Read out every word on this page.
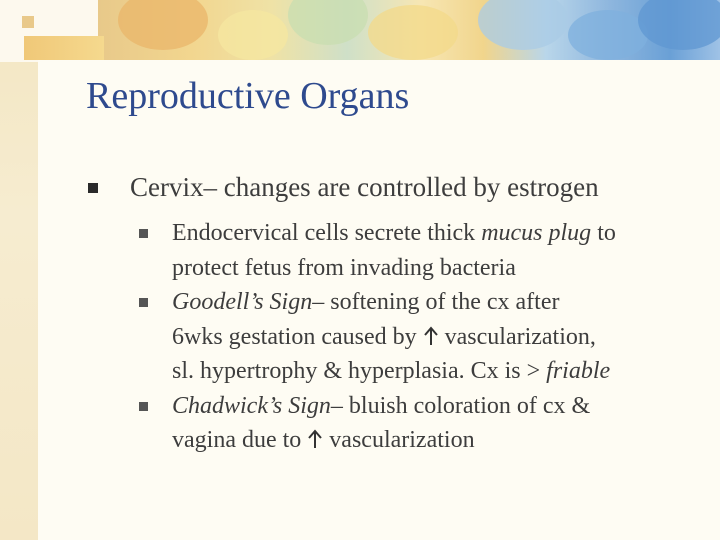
Reproductive Organs
Cervix– changes are controlled by estrogen
Endocervical cells secrete thick mucus plug to
protect fetus from invading bacteria
Goodell’s Sign– softening of the cx after
6wks gestation caused by  vascularization,
sl. hypertrophy & hyperplasia. Cx is > friable
Chadwick’s Sign– bluish coloration of cx &
vagina due to  vascularization
